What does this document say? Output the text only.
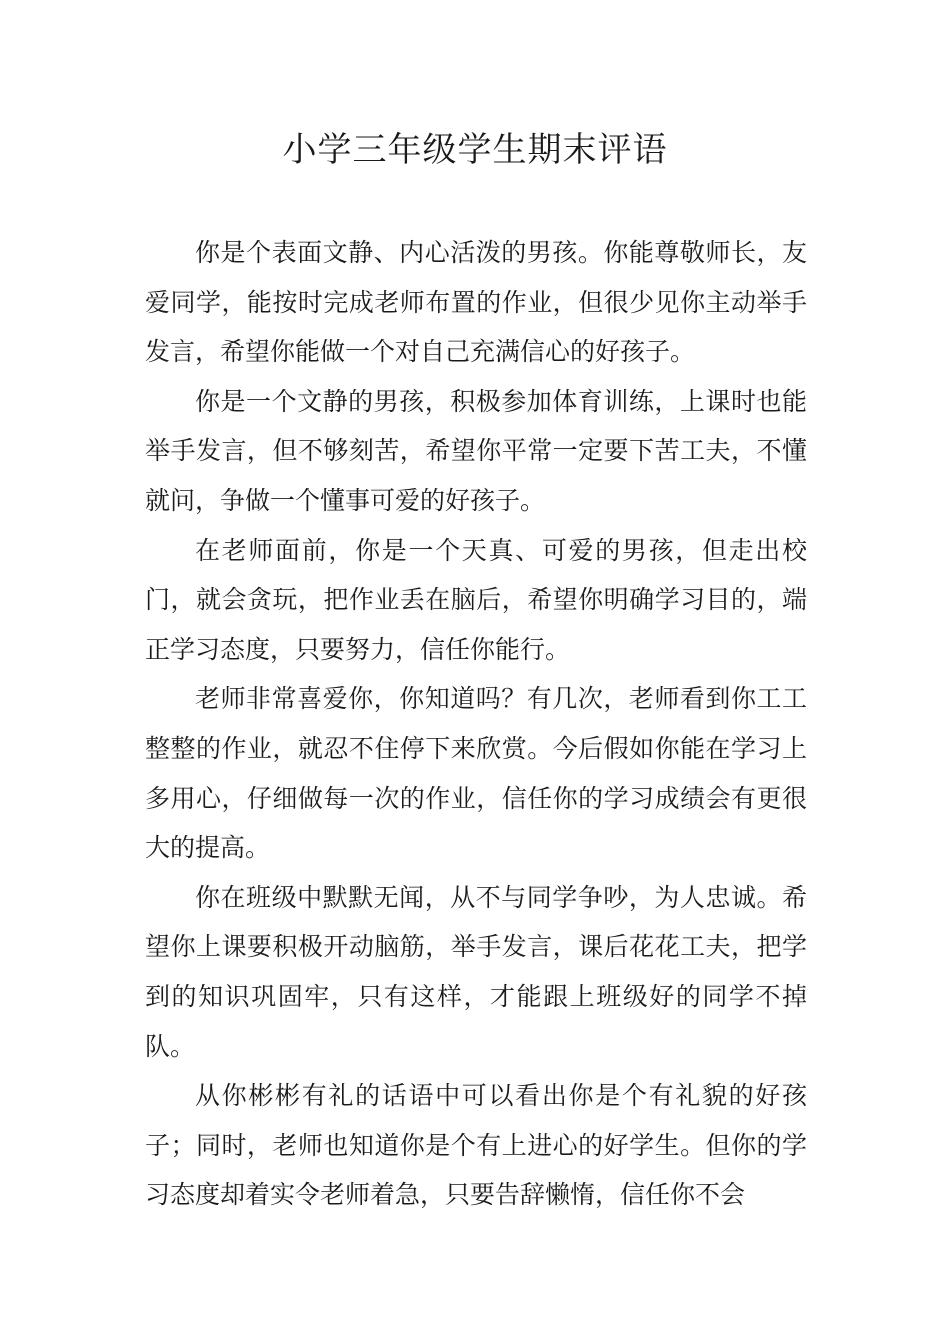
小学三年级学生期末评语

你是个表面文静、内心活泼的男孩。你能尊敬师长，友爱同学，能按时完成老师布置的作业，但很少见你主动举手发言，希望你能做一个对自己充满信心的好孩子。

你是一个文静的男孩，积极参加体育训练，上课时也能举手发言，但不够刻苦，希望你平常一定要下苦工夫，不懂就问，争做一个懂事可爱的好孩子。

在老师面前，你是一个天真、可爱的男孩，但走出校门，就会贪玩，把作业丢在脑后，希望你明确学习目的，端正学习态度，只要努力，信任你能行。

老师非常喜爱你，你知道吗？有几次，老师看到你工工整整的作业，就忍不住停下来欣赏。今后假如你能在学习上多用心，仔细做每一次的作业，信任你的学习成绩会有更很大的提高。

你在班级中默默无闻，从不与同学争吵，为人忠诚。希望你上课要积极开动脑筋，举手发言，课后花花工夫，把学到的知识巩固牢，只有这样，才能跟上班级好的同学不掉队。

从你彬彬有礼的话语中可以看出你是个有礼貌的好孩子；同时，老师也知道你是个有上进心的好学生。但你的学习态度却着实令老师着急，只要告辞懒惰，信任你不会
